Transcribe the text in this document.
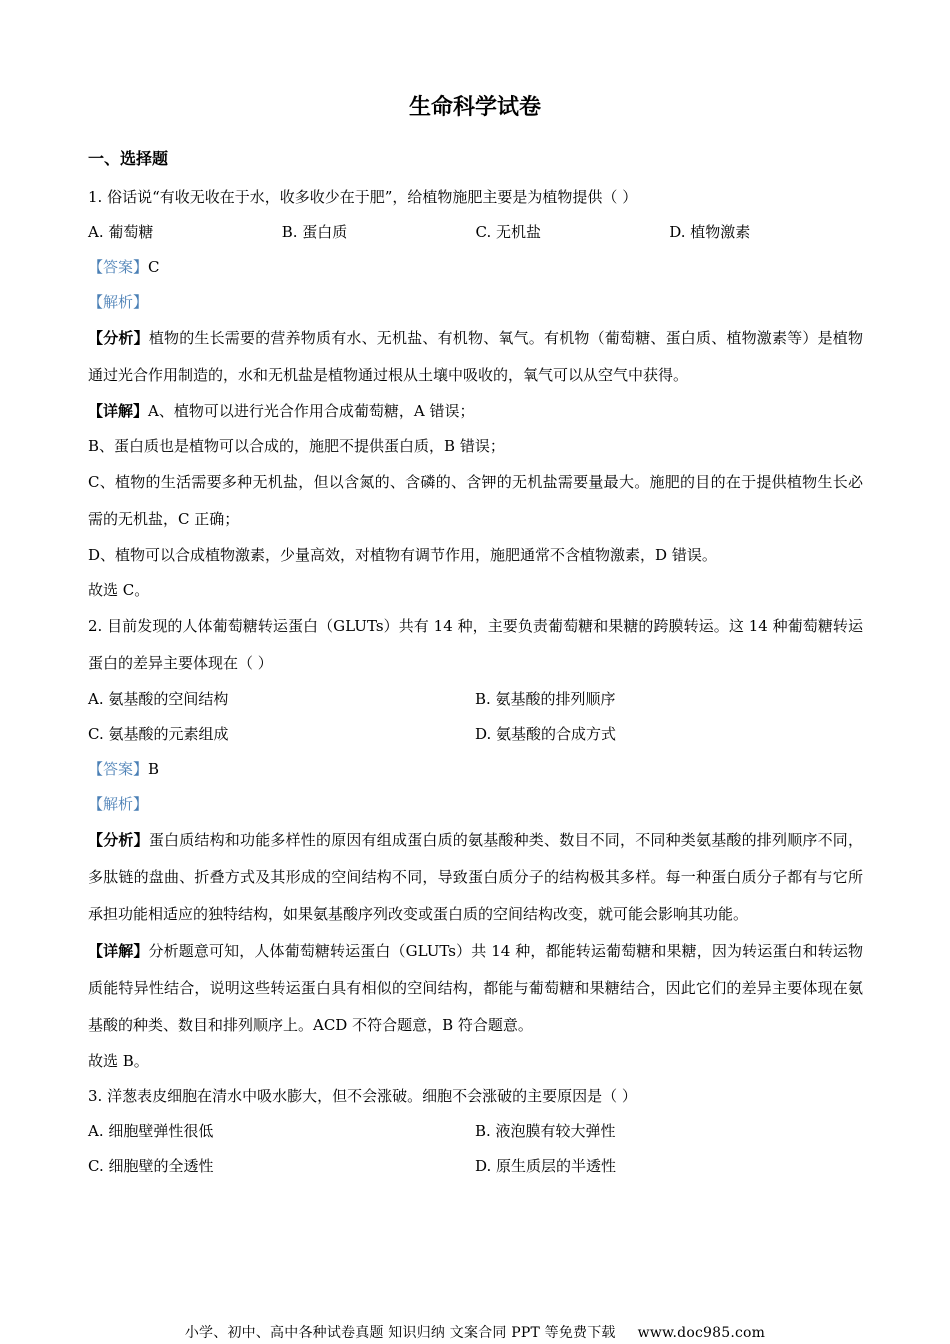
生命科学试卷
一、选择题

1. 俗话说“有收无收在于水，收多收少在于肥”，给植物施肥主要是为植物提供（ ）

A. 葡萄糖	B. 蛋白质	C. 无机盐	D. 植物激素

【答案】C

【解析】

【分析】植物的生长需要的营养物质有水、无机盐、有机物、氧气。有机物（葡萄糖、蛋白质、植物激素等）是植物通过光合作用制造的，水和无机盐是植物通过根从土壤中吸收的，氧气可以从空气中获得。

【详解】A、植物可以进行光合作用合成葡萄糖，A 错误；

B、蛋白质也是植物可以合成的，施肥不提供蛋白质，B 错误；

C、植物的生活需要多种无机盐，但以含氮的、含磷的、含钾的无机盐需要量最大。施肥的目的在于提供植物生长必需的无机盐，C 正确；

D、植物可以合成植物激素，少量高效，对植物有调节作用，施肥通常不含植物激素，D 错误。

故选 C。

2. 目前发现的人体葡萄糖转运蛋白（GLUTs）共有 14 种，主要负责葡萄糖和果糖的跨膜转运。这 14 种葡萄糖转运蛋白的差异主要体现在（ ）

A. 氨基酸的空间结构	B. 氨基酸的排列顺序
C. 氨基酸的元素组成	D. 氨基酸的合成方式

【答案】B

【解析】

【分析】蛋白质结构和功能多样性的原因有组成蛋白质的氨基酸种类、数目不同，不同种类氨基酸的排列顺序不同，多肽链的盘曲、折叠方式及其形成的空间结构不同，导致蛋白质分子的结构极其多样。每一种蛋白质分子都有与它所承担功能相适应的独特结构，如果氨基酸序列改变或蛋白质的空间结构改变，就可能会影响其功能。

【详解】分析题意可知，人体葡萄糖转运蛋白（GLUTs）共 14 种，都能转运葡萄糖和果糖，因为转运蛋白和转运物质能特异性结合，说明这些转运蛋白具有相似的空间结构，都能与葡萄糖和果糖结合，因此它们的差异主要体现在氨基酸的种类、数目和排列顺序上。ACD 不符合题意，B 符合题意。

故选 B。

3. 洋葱表皮细胞在清水中吸水膨大，但不会涨破。细胞不会涨破的主要原因是（ ）

A. 细胞壁弹性很低	B. 液泡膜有较大弹性
C. 细胞壁的全透性	D. 原生质层的半透性
小学、初中、高中各种试卷真题 知识归纳 文案合同 PPT 等免费下载 www.doc985.com
